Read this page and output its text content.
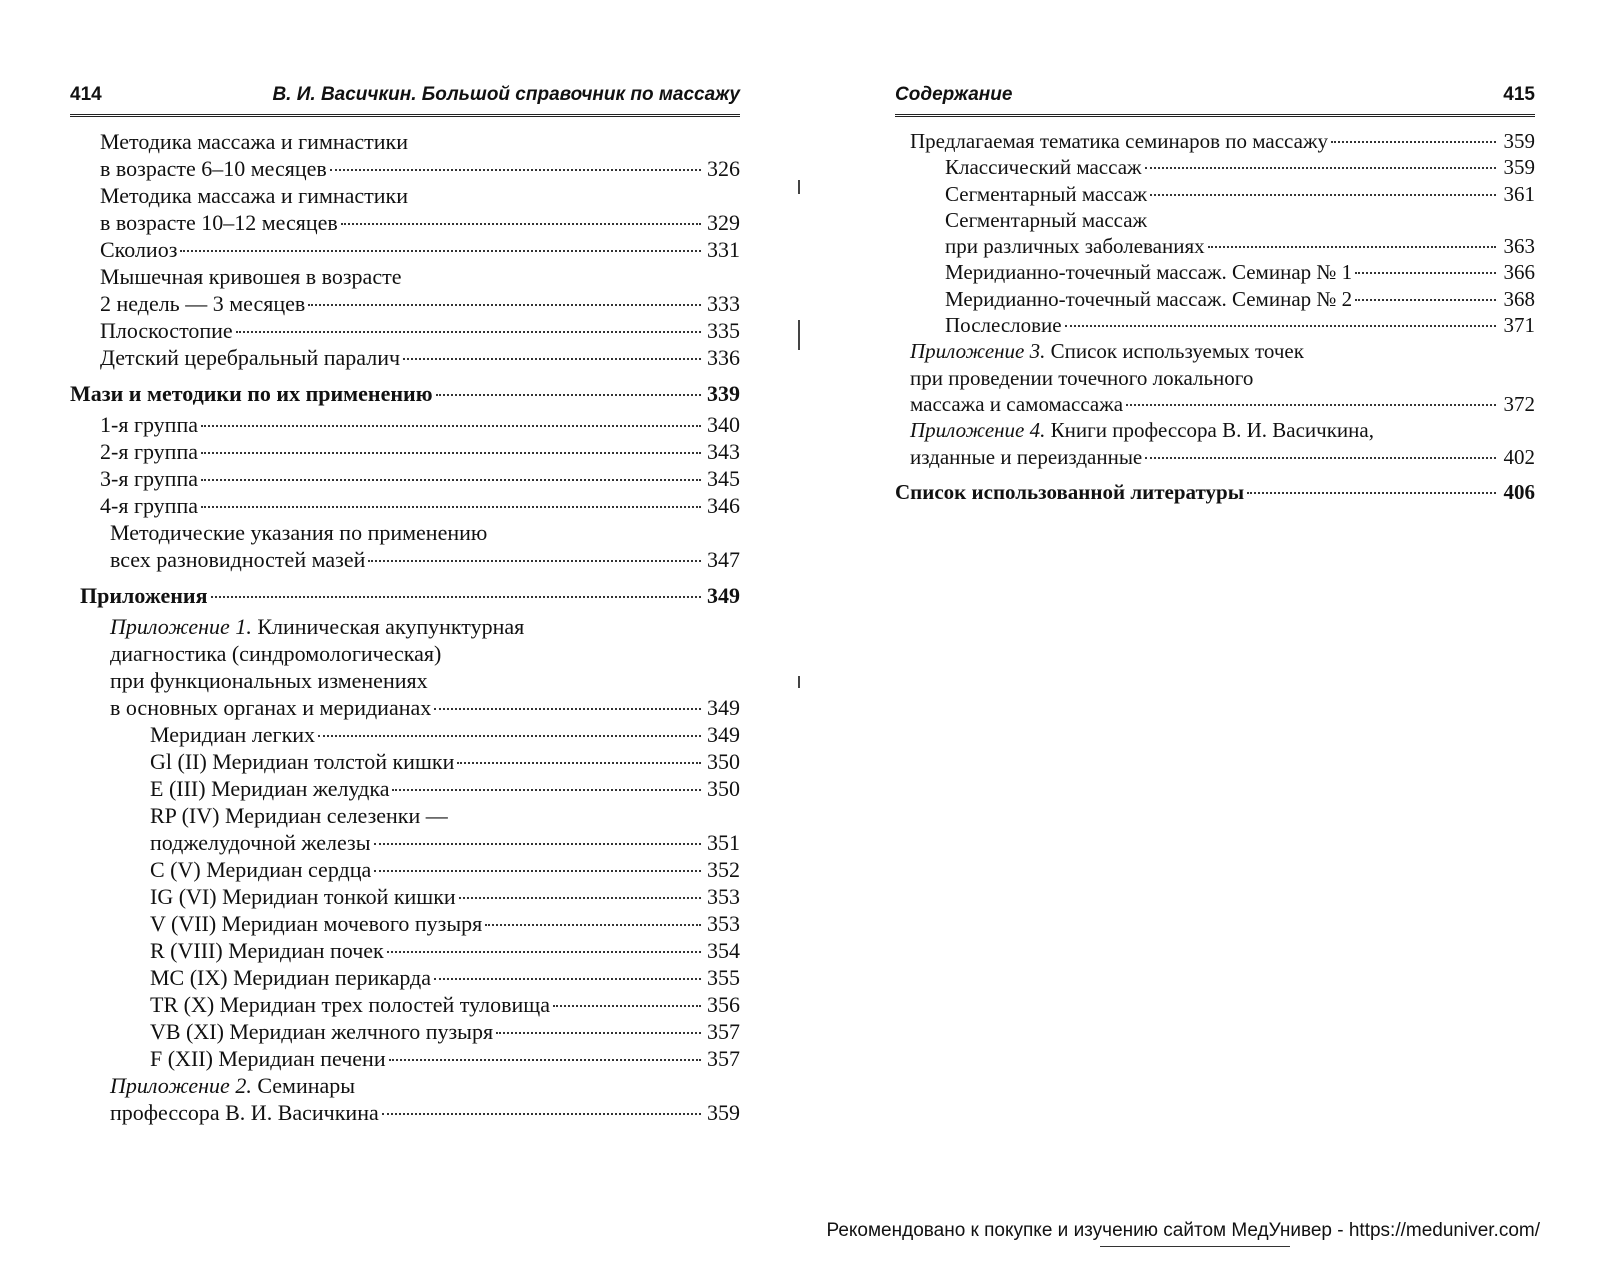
414	В. И. Васичкин. Большой справочник по массажу
Методика массажа и гимнастики
в возрасте 6–10 месяцев	326
Методика массажа и гимнастики
в возрасте 10–12 месяцев	329
Сколиоз	331
Мышечная кривошея в возрасте
2 недель — 3 месяцев	333
Плоскостопие	335
Детский церебральный паралич	336
Мази и методики по их применению	339
1-я группа	340
2-я группа	343
3-я группа	345
4-я группа	346
Методические указания по применению
всех разновидностей мазей	347
Приложения	349
Приложение 1.
Клиническая акупунктурная
диагностика (синдромологическая)
при функциональных изменениях
в основных органах и меридианах	349
Меридиан легких	349
Gl (II) Меридиан толстой кишки	350
E (III) Меридиан желудка	350
RP (IV) Меридиан селезенки —
поджелудочной железы	351
C (V) Меридиан сердца	352
IG (VI) Меридиан тонкой кишки	353
V (VII) Меридиан мочевого пузыря	353
R (VIII) Меридиан почек	354
MC (IX) Меридиан перикарда	355
TR (X) Меридиан трех полостей туловища	356
VB (XI) Меридиан желчного пузыря	357
F (XII) Меридиан печени	357
Приложение 2.
Семинары
профессора В. И. Васичкина	359
Содержание	415
Предлагаемая тематика семинаров по массажу	359
Классический массаж	359
Сегментарный массаж	361
Сегментарный массаж
при различных заболеваниях	363
Меридианно-точечный массаж. Семинар № 1	366
Меридианно-точечный массаж. Семинар № 2	368
Послесловие	371
Приложение 3.
Список используемых точек
при проведении точечного локального
массажа и самомассажа	372
Приложение 4.
Книги профессора В. И. Васичкина,
изданные и переизданные	402
Список использованной литературы	406
Рекомендовано к покупке и изучению сайтом МедУнивер - https://meduniver.com/
